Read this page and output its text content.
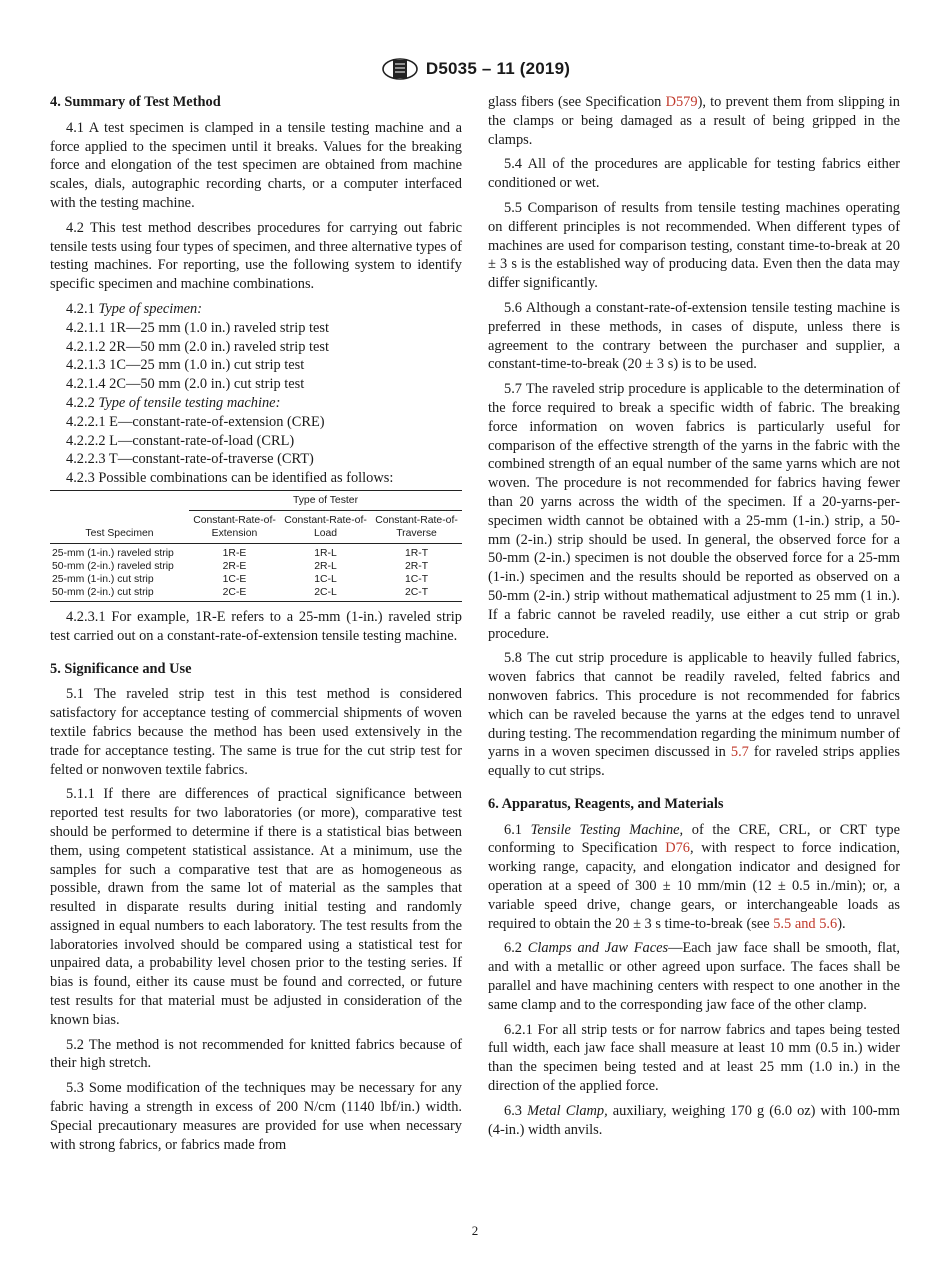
D5035 – 11 (2019)

4. Summary of Test Method

4.1 A test specimen is clamped in a tensile testing machine and a force applied to the specimen until it breaks. Values for the breaking force and elongation of the test specimen are obtained from machine scales, dials, autographic recording charts, or a computer interfaced with the testing machine.

4.2 This test method describes procedures for carrying out fabric tensile tests using four types of specimen, and three alternative types of testing machines. For reporting, use the following system to identify specific specimen and machine combinations.

4.2.1 Type of specimen:

4.2.1.1 1R—25 mm (1.0 in.) raveled strip test

4.2.1.2 2R—50 mm (2.0 in.) raveled strip test

4.2.1.3 1C—25 mm (1.0 in.) cut strip test

4.2.1.4 2C—50 mm (2.0 in.) cut strip test

4.2.2 Type of tensile testing machine:

4.2.2.1 E—constant-rate-of-extension (CRE)

4.2.2.2 L—constant-rate-of-load (CRL)

4.2.2.3 T—constant-rate-of-traverse (CRT)

4.2.3 Possible combinations can be identified as follows:

	Type of Tester		
Test Specimen	Constant-Rate-of-Extension	Constant-Rate-of-Load	Constant-Rate-of-Traverse
25-mm (1-in.) raveled strip	1R-E	1R-L	1R-T
50-mm (2-in.) raveled strip	2R-E	2R-L	2R-T
25-mm (1-in.) cut strip	1C-E	1C-L	1C-T
50-mm (2-in.) cut strip	2C-E	2C-L	2C-T

4.2.3.1 For example, 1R-E refers to a 25-mm (1-in.) raveled strip test carried out on a constant-rate-of-extension tensile testing machine.

5. Significance and Use

5.1 The raveled strip test in this test method is considered satisfactory for acceptance testing of commercial shipments of woven textile fabrics because the method has been used extensively in the trade for acceptance testing. The same is true for the cut strip test for felted or nonwoven textile fabrics.

5.1.1 If there are differences of practical significance between reported test results for two laboratories (or more), comparative test should be performed to determine if there is a statistical bias between them, using competent statistical assistance. At a minimum, use the samples for such a comparative test that are as homogeneous as possible, drawn from the same lot of material as the samples that resulted in disparate results during initial testing and randomly assigned in equal numbers to each laboratory. The test results from the laboratories involved should be compared using a statistical test for unpaired data, a probability level chosen prior to the testing series. If bias is found, either its cause must be found and corrected, or future test results for that material must be adjusted in consideration of the known bias.

5.2 The method is not recommended for knitted fabrics because of their high stretch.

5.3 Some modification of the techniques may be necessary for any fabric having a strength in excess of 200 N/cm (1140 lbf/in.) width. Special precautionary measures are provided for use when necessary with strong fabrics, or fabrics made from

glass fibers (see Specification D579), to prevent them from slipping in the clamps or being damaged as a result of being gripped in the clamps.

5.4 All of the procedures are applicable for testing fabrics either conditioned or wet.

5.5 Comparison of results from tensile testing machines operating on different principles is not recommended. When different types of machines are used for comparison testing, constant time-to-break at 20 ± 3 s is the established way of producing data. Even then the data may differ significantly.

5.6 Although a constant-rate-of-extension tensile testing machine is preferred in these methods, in cases of dispute, unless there is agreement to the contrary between the purchaser and supplier, a constant-time-to-break (20 ± 3 s) is to be used.

5.7 The raveled strip procedure is applicable to the determination of the force required to break a specific width of fabric. The breaking force information on woven fabrics is particularly useful for comparison of the effective strength of the yarns in the fabric with the combined strength of an equal number of the same yarns which are not woven. The procedure is not recommended for fabrics having fewer than 20 yarns across the width of the specimen. If a 20-yarns-per-specimen width cannot be obtained with a 25-mm (1-in.) strip, a 50-mm (2-in.) strip should be used. In general, the observed force for a 50-mm (2-in.) specimen is not double the observed force for a 25-mm (1-in.) specimen and the results should be reported as observed on a 50-mm (2-in.) strip without mathematical adjustment to 25 mm (1 in.). If a fabric cannot be raveled readily, use either a cut strip or grab procedure.

5.8 The cut strip procedure is applicable to heavily fulled fabrics, woven fabrics that cannot be readily raveled, felted fabrics and nonwoven fabrics. This procedure is not recommended for fabrics which can be raveled because the yarns at the edges tend to unravel during testing. The recommendation regarding the minimum number of yarns in a woven specimen discussed in 5.7 for raveled strips applies equally to cut strips.

6. Apparatus, Reagents, and Materials

6.1 Tensile Testing Machine, of the CRE, CRL, or CRT type conforming to Specification D76, with respect to force indication, working range, capacity, and elongation indicator and designed for operation at a speed of 300 ± 10 mm/min (12 ± 0.5 in./min); or, a variable speed drive, change gears, or interchangeable loads as required to obtain the 20 ± 3 s time-to-break (see 5.5 and 5.6).

6.2 Clamps and Jaw Faces—Each jaw face shall be smooth, flat, and with a metallic or other agreed upon surface. The faces shall be parallel and have machining centers with respect to one another in the same clamp and to the corresponding jaw face of the other clamp.

6.2.1 For all strip tests or for narrow fabrics and tapes being tested full width, each jaw face shall measure at least 10 mm (0.5 in.) wider than the specimen being tested and at least 25 mm (1.0 in.) in the direction of the applied force.

6.3 Metal Clamp, auxiliary, weighing 170 g (6.0 oz) with 100-mm (4-in.) width anvils.

2
